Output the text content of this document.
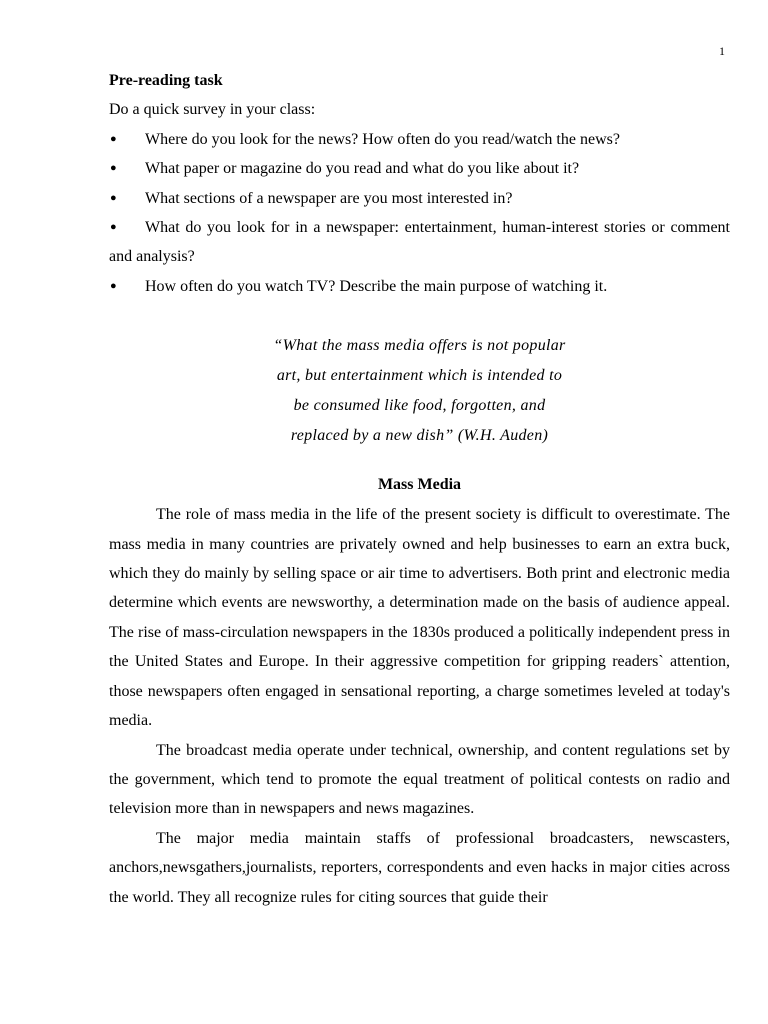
1

Pre-reading task

Do a quick survey in your class:

● Where do you look for the news? How often do you read/watch the news?
● What paper or magazine do you read and what do you like about it?
● What sections of a newspaper are you most interested in?
● What do you look for in a newspaper: entertainment, human-interest stories or comment and analysis?
● How often do you watch TV? Describe the main purpose of watching it.
“What the mass media offers is not popular
art, but entertainment which is intended to
be consumed like food, forgotten, and
replaced by a new dish” (W.H. Auden)

Mass Media

The role of mass media in the life of the present society is difficult to overestimate. The mass media in many countries are privately owned and help businesses to earn an extra buck, which they do mainly by selling space or air time to advertisers. Both print and electronic media determine which events are newsworthy, a determination made on the basis of audience appeal. The rise of mass-circulation newspapers in the 1830s produced a politically independent press in the United States and Europe. In their aggressive competition for gripping readers` attention, those newspapers often engaged in sensational reporting, a charge sometimes leveled at today's media.

The broadcast media operate under technical, ownership, and content regulations set by the government, which tend to promote the equal treatment of political contests on radio and television more than in newspapers and news magazines.

The major media maintain staffs of professional broadcasters, newscasters, anchors,newsgathers,journalists, reporters, correspondents and even hacks in major cities across the world. They all recognize rules for citing sources that guide their
